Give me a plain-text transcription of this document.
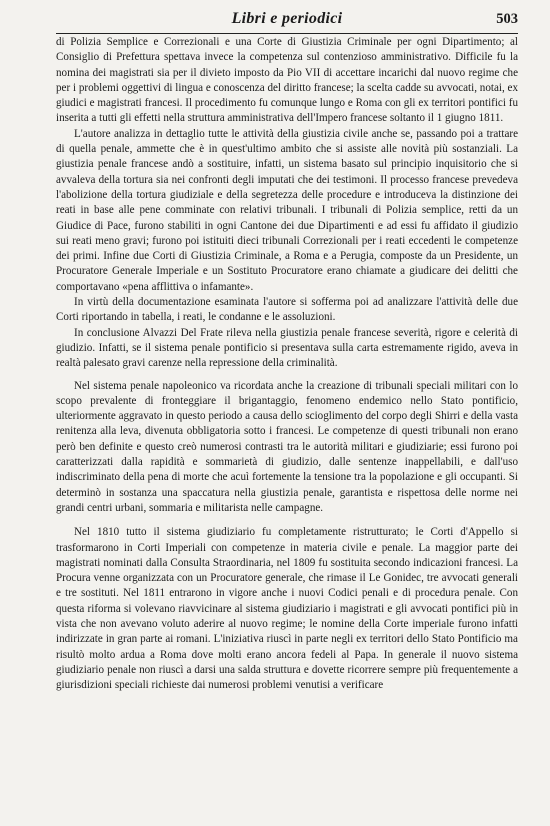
Libri e periodici	503

di Polizia Semplice e Correzionali e una Corte di Giustizia Criminale per ogni Dipartimento; al Consiglio di Prefettura spettava invece la competenza sul contenzioso amministrativo. Difficile fu la nomina dei magistrati sia per il divieto imposto da Pio VII di accettare incarichi dal nuovo regime che per i problemi oggettivi di lingua e conoscenza del diritto francese; la scelta cadde su avvocati, notai, ex giudici e magistrati francesi. Il procedimento fu comunque lungo e Roma con gli ex territori pontifici fu inserita a tutti gli effetti nella struttura amministrativa dell'Impero francese soltanto il 1 giugno 1811.

L'autore analizza in dettaglio tutte le attività della giustizia civile anche se, passando poi a trattare di quella penale, ammette che è in quest'ultimo ambito che si assiste alle novità più sostanziali. La giustizia penale francese andò a sostituire, infatti, un sistema basato sul principio inquisitorio che si avvaleva della tortura sia nei confronti degli imputati che dei testimoni. Il processo francese prevedeva l'abolizione della tortura giudiziale e della segretezza delle procedure e introduceva la distinzione dei reati in base alle pene comminate con relativi tribunali. I tribunali di Polizia semplice, retti da un Giudice di Pace, furono stabiliti in ogni Cantone dei due Dipartimenti e ad essi fu affidato il giudizio sui reati meno gravi; furono poi istituiti dieci tribunali Correzionali per i reati eccedenti le competenze dei primi. Infine due Corti di Giustizia Criminale, a Roma e a Perugia, composte da un Presidente, un Procuratore Generale Imperiale e un Sostituto Procuratore erano chiamate a giudicare dei delitti che comportavano «pena afflittiva o infamante».

In virtù della documentazione esaminata l'autore si sofferma poi ad analizzare l'attività delle due Corti riportando in tabella, i reati, le condanne e le assoluzioni.

In conclusione Alvazzi Del Frate rileva nella giustizia penale francese severità, rigore e celerità di giudizio. Infatti, se il sistema penale pontificio si presentava sulla carta estremamente rigido, aveva in realtà palesato gravi carenze nella repressione della criminalità.

Nel sistema penale napoleonico va ricordata anche la creazione di tribunali speciali militari con lo scopo prevalente di fronteggiare il brigantaggio, fenomeno endemico nello Stato pontificio, ulteriormente aggravato in questo periodo a causa dello scioglimento del corpo degli Shirri e della vasta renitenza alla leva, divenuta obbligatoria sotto i francesi. Le competenze di questi tribunali non erano però ben definite e questo creò numerosi contrasti tra le autorità militari e giudiziarie; essi furono poi caratterizzati dalla rapidità e sommarietà di giudizio, dalle sentenze inappellabili, e dall'uso indiscriminato della pena di morte che acuì fortemente la tensione tra la popolazione e gli occupanti. Si determinò in sostanza una spaccatura nella giustizia penale, garantista e rispettosa delle norme nei grandi centri urbani, sommaria e militarista nelle campagne.

Nel 1810 tutto il sistema giudiziario fu completamente ristrutturato; le Corti d'Appello si trasformarono in Corti Imperiali con competenze in materia civile e penale. La maggior parte dei magistrati nominati dalla Consulta Straordinaria, nel 1809 fu sostituita secondo indicazioni francesi. La Procura venne organizzata con un Procuratore generale, che rimase il Le Gonidec, tre avvocati generali e tre sostituti. Nel 1811 entrarono in vigore anche i nuovi Codici penali e di procedura penale. Con questa riforma si volevano riavvicinare al sistema giudiziario i magistrati e gli avvocati pontifici più in vista che non avevano voluto aderire al nuovo regime; le nomine della Corte imperiale furono infatti indirizzate in gran parte ai romani. L'iniziativa riuscì in parte negli ex territori dello Stato Pontificio ma risultò molto ardua a Roma dove molti erano ancora fedeli al Papa. In generale il nuovo sistema giudiziario penale non riuscì a darsi una salda struttura e dovette ricorrere sempre più frequentemente a giurisdizioni speciali richieste dai numerosi problemi venutisi a verificare
